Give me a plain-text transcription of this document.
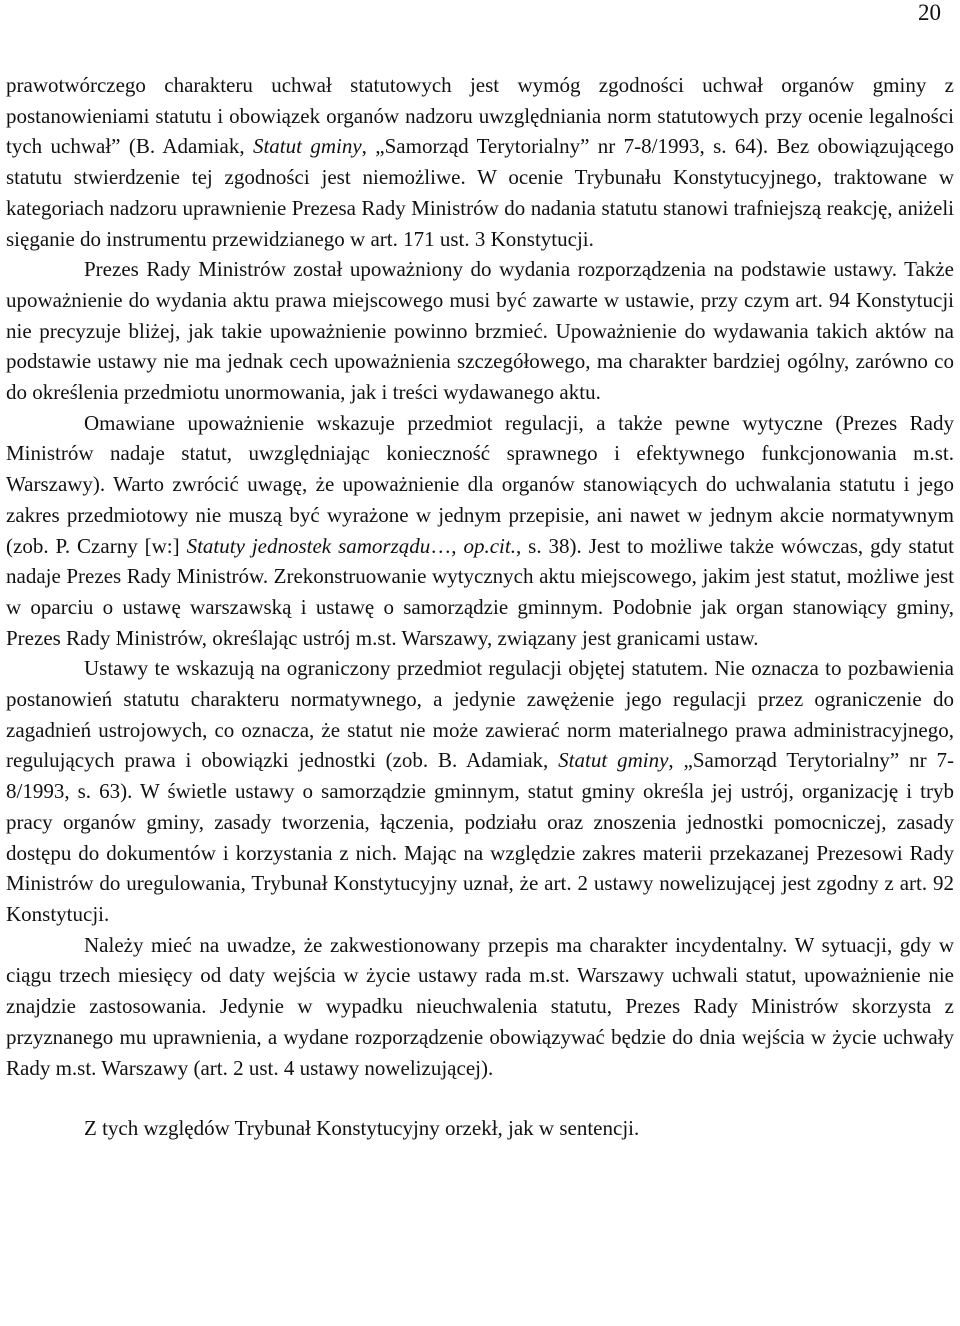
20

prawotwórczego charakteru uchwał statutowych jest wymóg zgodności uchwał organów gminy z postanowieniami statutu i obowiązek organów nadzoru uwzględniania norm statutowych przy ocenie legalności tych uchwał” (B. Adamiak, Statut gminy, „Samorząd Terytorialny” nr 7-8/1993, s. 64). Bez obowiązującego statutu stwierdzenie tej zgodności jest niemożliwe. W ocenie Trybunału Konstytucyjnego, traktowane w kategoriach nadzoru uprawnienie Prezesa Rady Ministrów do nadania statutu stanowi trafniejszą reakcję, aniżeli sięganie do instrumentu przewidzianego w art. 171 ust. 3 Konstytucji.

Prezes Rady Ministrów został upoważniony do wydania rozporządzenia na podstawie ustawy. Także upoważnienie do wydania aktu prawa miejscowego musi być zawarte w ustawie, przy czym art. 94 Konstytucji nie precyzuje bliżej, jak takie upoważnienie powinno brzmieć. Upoważnienie do wydawania takich aktów na podstawie ustawy nie ma jednak cech upoważnienia szczegółowego, ma charakter bardziej ogólny, zarówno co do określenia przedmiotu unormowania, jak i treści wydawanego aktu.

Omawiane upoważnienie wskazuje przedmiot regulacji, a także pewne wytyczne (Prezes Rady Ministrów nadaje statut, uwzględniając konieczność sprawnego i efektywnego funkcjonowania m.st. Warszawy). Warto zwrócić uwagę, że upoważnienie dla organów stanowiących do uchwalania statutu i jego zakres przedmiotowy nie muszą być wyrażone w jednym przepisie, ani nawet w jednym akcie normatywnym (zob. P. Czarny [w:] Statuty jednostek samorządu…, op.cit., s. 38). Jest to możliwe także wówczas, gdy statut nadaje Prezes Rady Ministrów. Zrekonstruowanie wytycznych aktu miejscowego, jakim jest statut, możliwe jest w oparciu o ustawę warszawską i ustawę o samorządzie gminnym. Podobnie jak organ stanowiący gminy, Prezes Rady Ministrów, określając ustrój m.st. Warszawy, związany jest granicami ustaw.

Ustawy te wskazują na ograniczony przedmiot regulacji objętej statutem. Nie oznacza to pozbawienia postanowień statutu charakteru normatywnego, a jedynie zawężenie jego regulacji przez ograniczenie do zagadnień ustrojowych, co oznacza, że statut nie może zawierać norm materialnego prawa administracyjnego, regulujących prawa i obowiązki jednostki (zob. B. Adamiak, Statut gminy, „Samorząd Terytorialny” nr 7-8/1993, s. 63). W świetle ustawy o samorządzie gminnym, statut gminy określa jej ustrój, organizację i tryb pracy organów gminy, zasady tworzenia, łączenia, podziału oraz znoszenia jednostki pomocniczej, zasady dostępu do dokumentów i korzystania z nich. Mając na względzie zakres materii przekazanej Prezesowi Rady Ministrów do uregulowania, Trybunał Konstytucyjny uznał, że art. 2 ustawy nowelizującej jest zgodny z art. 92 Konstytucji.

Należy mieć na uwadze, że zakwestionowany przepis ma charakter incydentalny. W sytuacji, gdy w ciągu trzech miesięcy od daty wejścia w życie ustawy rada m.st. Warszawy uchwali statut, upoważnienie nie znajdzie zastosowania. Jedynie w wypadku nieuchwalenia statutu, Prezes Rady Ministrów skorzysta z przyznanego mu uprawnienia, a wydane rozporządzenie obowiązywać będzie do dnia wejścia w życie uchwały Rady m.st. Warszawy (art. 2 ust. 4 ustawy nowelizującej).

Z tych względów Trybunał Konstytucyjny orzekł, jak w sentencji.
